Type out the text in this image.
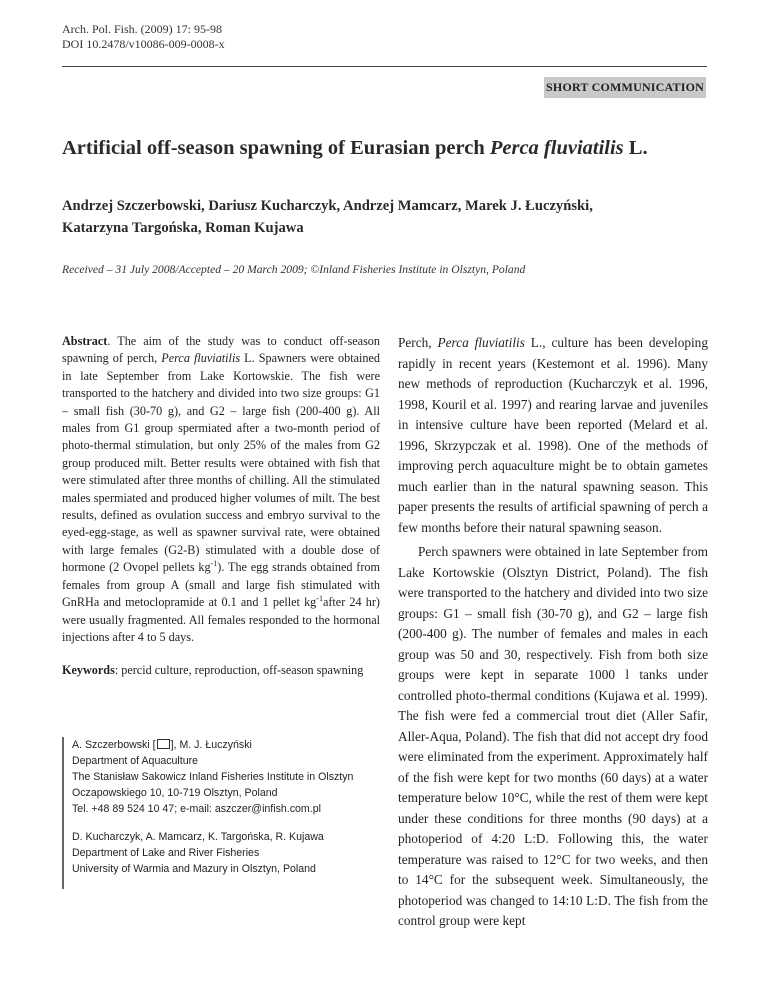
Arch. Pol. Fish. (2009) 17: 95-98
DOI 10.2478/v10086-009-0008-x
SHORT COMMUNICATION
Artificial off-season spawning of Eurasian perch Perca fluviatilis L.
Andrzej Szczerbowski, Dariusz Kucharczyk, Andrzej Mamcarz, Marek J. Łuczyński,
Katarzyna Targońska, Roman Kujawa
Received – 31 July 2008/Accepted – 20 March 2009; ©Inland Fisheries Institute in Olsztyn, Poland

Abstract. The aim of the study was to conduct off-season spawning of perch, Perca fluviatilis L. Spawners were obtained in late September from Lake Kortowskie. The fish were transported to the hatchery and divided into two size groups: G1 – small fish (30-70 g), and G2 – large fish (200-400 g). All males from G1 group spermiated after a two-month period of photo-thermal stimulation, but only 25% of the males from G2 group produced milt. Better results were obtained with fish that were stimulated after three months of chilling. All the stimulated males spermiated and produced higher volumes of milt. The best results, defined as ovulation success and embryo survival to the eyed-egg-stage, as well as spawner survival rate, were obtained with large females (G2-B) stimulated with a double dose of hormone (2 Ovopel pellets $kg^{-1}$). The egg strands obtained from females from group A (small and large fish stimulated with GnRHa and metoclopramide at 0.1 and 1 pellet $kg^{-1}after$ 24 hr) were usually fragmented. All females responded to the hormonal injections after 4 to 5 days.

Keywords: percid culture, reproduction, off-season spawning

A. Szczerbowski [ ], M. J. Łuczyński
Department of Aquaculture
The Stanisław Sakowicz Inland Fisheries Institute in Olsztyn
Oczapowskiego 10, 10-719 Olsztyn, Poland
Tel. +48 89 524 10 47; e-mail: aszczer@infish.com.pl
D. Kucharczyk, A. Mamcarz, K. Targońska, R. Kujawa
Department of Lake and River Fisheries
University of Warmia and Mazury in Olsztyn, Poland

Perch, Perca fluviatilis L., culture has been developing rapidly in recent years (Kestemont et al. 1996). Many new methods of reproduction (Kucharczyk et al. 1996, 1998, Kouril et al. 1997) and rearing larvae and juveniles in intensive culture have been reported (Melard et al. 1996, Skrzypczak et al. 1998). One of the methods of improving perch aquaculture might be to obtain gametes much earlier than in the natural spawning season. This paper presents the results of artificial spawning of perch a few months before their natural spawning season.

Perch spawners were obtained in late September from Lake Kortowskie (Olsztyn District, Poland). The fish were transported to the hatchery and divided into two size groups: G1 – small fish (30-70 g), and G2 – large fish (200-400 g). The number of females and males in each group was 50 and 30, respectively. Fish from both size groups were kept in separate 1000 l tanks under controlled photo-thermal conditions (Kujawa et al. 1999). The fish were fed a commercial trout diet (Aller Safir, Aller-Aqua, Poland). The fish that did not accept dry food were eliminated from the experiment. Approximately half of the fish were kept for two months (60 days) at a water temperature below 10°C, while the rest of them were kept under these conditions for three months (90 days) at a photoperiod of 4:20 L:D. Following this, the water temperature was raised to 12°C for two weeks, and then to 14°C for the subsequent week. Simultaneously, the photoperiod was changed to 14:10 L:D. The fish from the control group were kept
